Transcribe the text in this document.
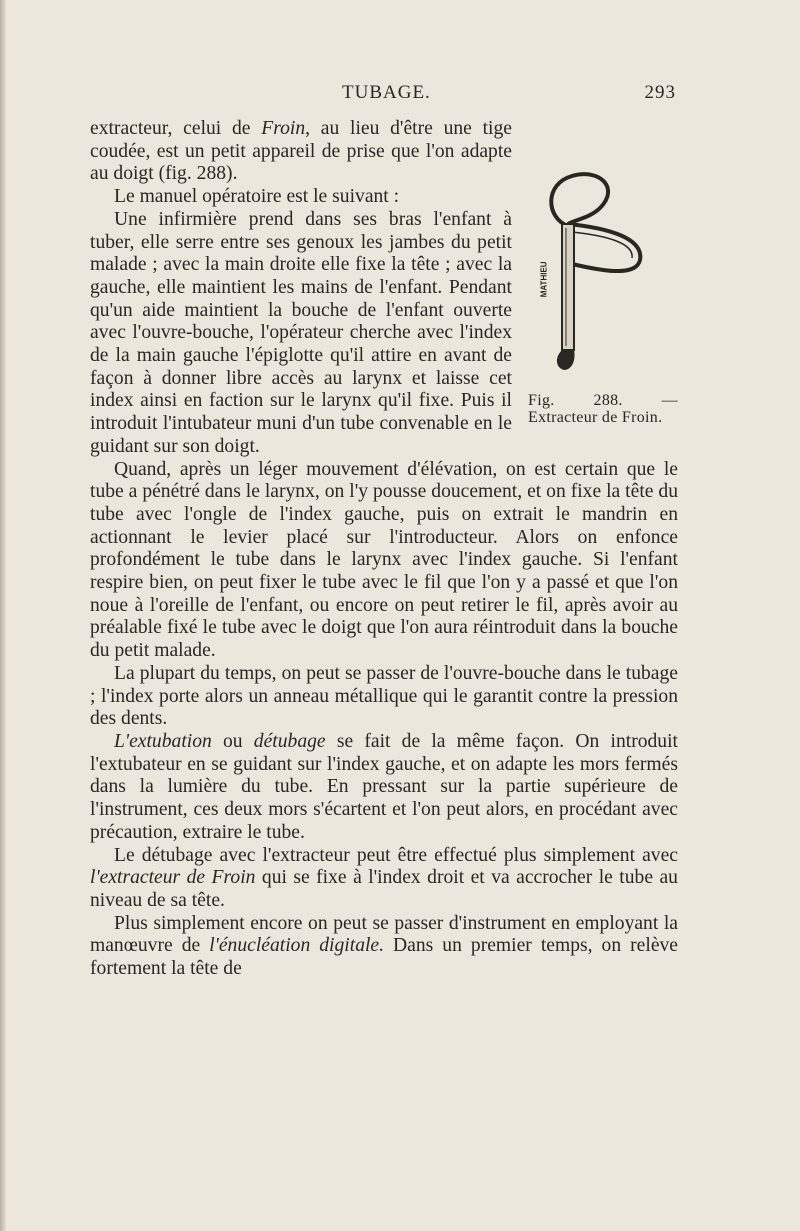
TUBAGE.	293
MATHIEU
Fig. 288. — Extracteur de Froin.

extracteur, celui de Froin, au lieu d'être une tige coudée, est un petit appareil de prise que l'on adapte au doigt (fig. 288).

Le manuel opératoire est le suivant :

Une infirmière prend dans ses bras l'enfant à tuber, elle serre entre ses genoux les jambes du petit malade ; avec la main droite elle fixe la tête ; avec la gauche, elle maintient les mains de l'enfant. Pendant qu'un aide maintient la bouche de l'enfant ouverte avec l'ouvre-bouche, l'opérateur cherche avec l'index de la main gauche l'épiglotte qu'il attire en avant de façon à donner libre accès au larynx et laisse cet index ainsi en faction sur le larynx qu'il fixe. Puis il introduit l'intubateur muni d'un tube convenable en le guidant sur son doigt.

Quand, après un léger mouvement d'élévation, on est certain que le tube a pénétré dans le larynx, on l'y pousse doucement, et on fixe la tête du tube avec l'ongle de l'index gauche, puis on extrait le mandrin en actionnant le levier placé sur l'introducteur. Alors on enfonce profondément le tube dans le larynx avec l'index gauche. Si l'enfant respire bien, on peut fixer le tube avec le fil que l'on y a passé et que l'on noue à l'oreille de l'enfant, ou encore on peut retirer le fil, après avoir au préalable fixé le tube avec le doigt que l'on aura réintroduit dans la bouche du petit malade.

La plupart du temps, on peut se passer de l'ouvre-bouche dans le tubage ; l'index porte alors un anneau métallique qui le garantit contre la pression des dents.

L'extubation ou détubage se fait de la même façon. On introduit l'extubateur en se guidant sur l'index gauche, et on adapte les mors fermés dans la lumière du tube. En pressant sur la partie supérieure de l'instrument, ces deux mors s'écartent et l'on peut alors, en procédant avec précaution, extraire le tube.

Le détubage avec l'extracteur peut être effectué plus simplement avec l'extracteur de Froin qui se fixe à l'index droit et va accrocher le tube au niveau de sa tête.

Plus simplement encore on peut se passer d'instrument en employant la manœuvre de l'énucléation digitale. Dans un premier temps, on relève fortement la tête de
